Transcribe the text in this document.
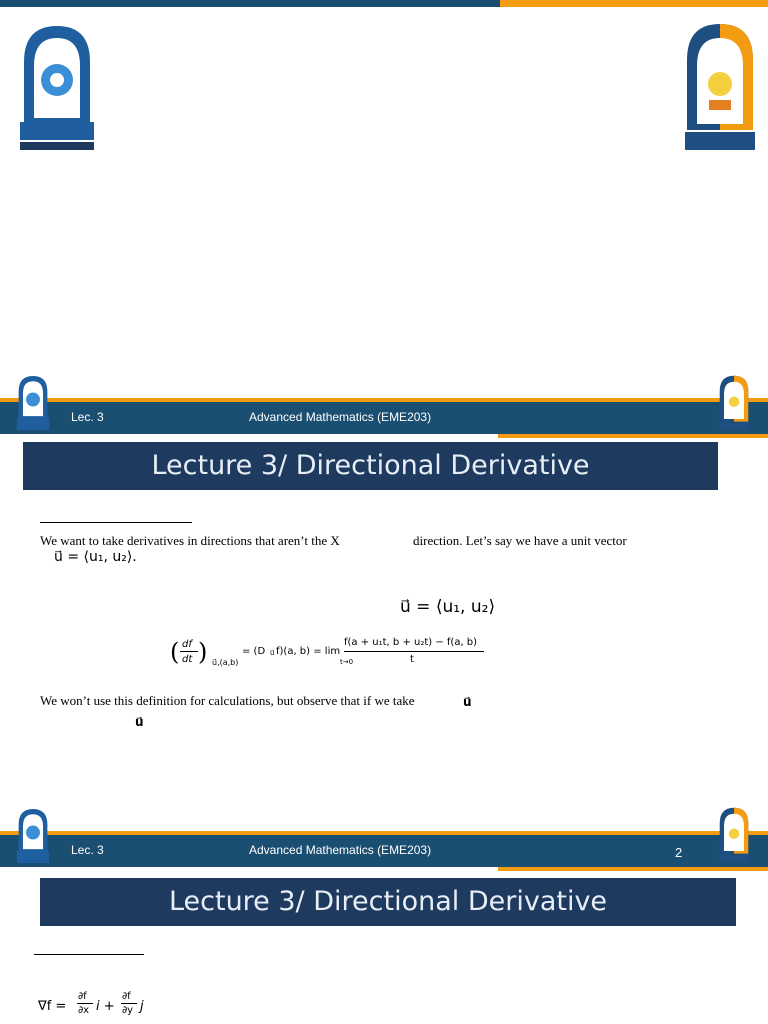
Lec. 3	Advanced Mathematics (EME203)
Lecture 3/ Directional Derivative
We want to take derivatives in directions that aren’t the X	direction. Let’s say we have a unit vector
u⃗ = ⟨u₁, u₂⟩.
u⃗ = ⟨u₁, u₂⟩
( df
dt ) u⃗,(a,b)
= (D u⃗ f)(a, b) = lim
t→0
f(a + u₁t, b + u₂t) − f(a, b)
t
We won’t use this definition for calculations, but observe that if we take	u⃗
u⃗
Lec. 3	Advanced Mathematics (EME203)	2
Lecture 3/ Directional Derivative
∇f =
∂f
∂x i +
∂f
∂y j
